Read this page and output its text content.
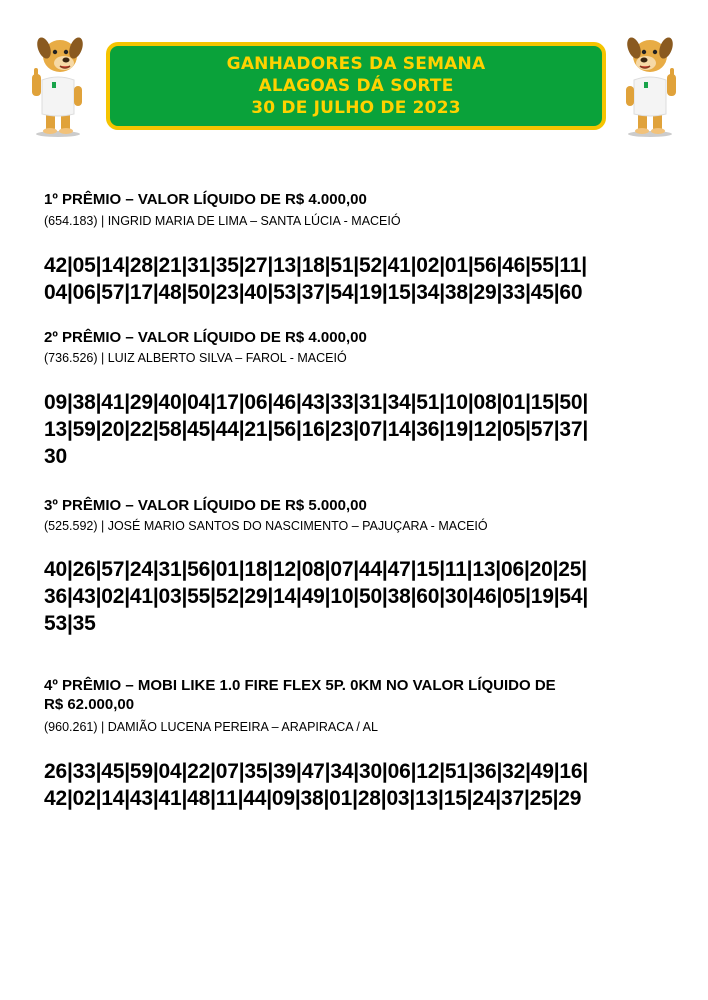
GANHADORES DA SEMANA
ALAGOAS DÁ SORTE
30 DE JULHO DE 2023
1º PRÊMIO – VALOR LÍQUIDO DE R$ 4.000,00
(654.183) | INGRID MARIA DE LIMA – SANTA LÚCIA - MACEIÓ
42|05|14|28|21|31|35|27|13|18|51|52|41|02|01|56|46|55|11|
04|06|57|17|48|50|23|40|53|37|54|19|15|34|38|29|33|45|60
2º PRÊMIO – VALOR LÍQUIDO DE R$ 4.000,00
(736.526) | LUIZ ALBERTO SILVA – FAROL - MACEIÓ
09|38|41|29|40|04|17|06|46|43|33|31|34|51|10|08|01|15|50|
13|59|20|22|58|45|44|21|56|16|23|07|14|36|19|12|05|57|37|
30
3º PRÊMIO – VALOR LÍQUIDO DE R$ 5.000,00
(525.592) | JOSÉ MARIO SANTOS DO NASCIMENTO – PAJUÇARA - MACEIÓ
40|26|57|24|31|56|01|18|12|08|07|44|47|15|11|13|06|20|25|
36|43|02|41|03|55|52|29|14|49|10|50|38|60|30|46|05|19|54|
53|35
4º PRÊMIO – MOBI LIKE 1.0 FIRE FLEX 5P. 0KM NO VALOR LÍQUIDO DE
R$ 62.000,00
(960.261) | DAMIÃO LUCENA PEREIRA – ARAPIRACA / AL
26|33|45|59|04|22|07|35|39|47|34|30|06|12|51|36|32|49|16|
42|02|14|43|41|48|11|44|09|38|01|28|03|13|15|24|37|25|29
